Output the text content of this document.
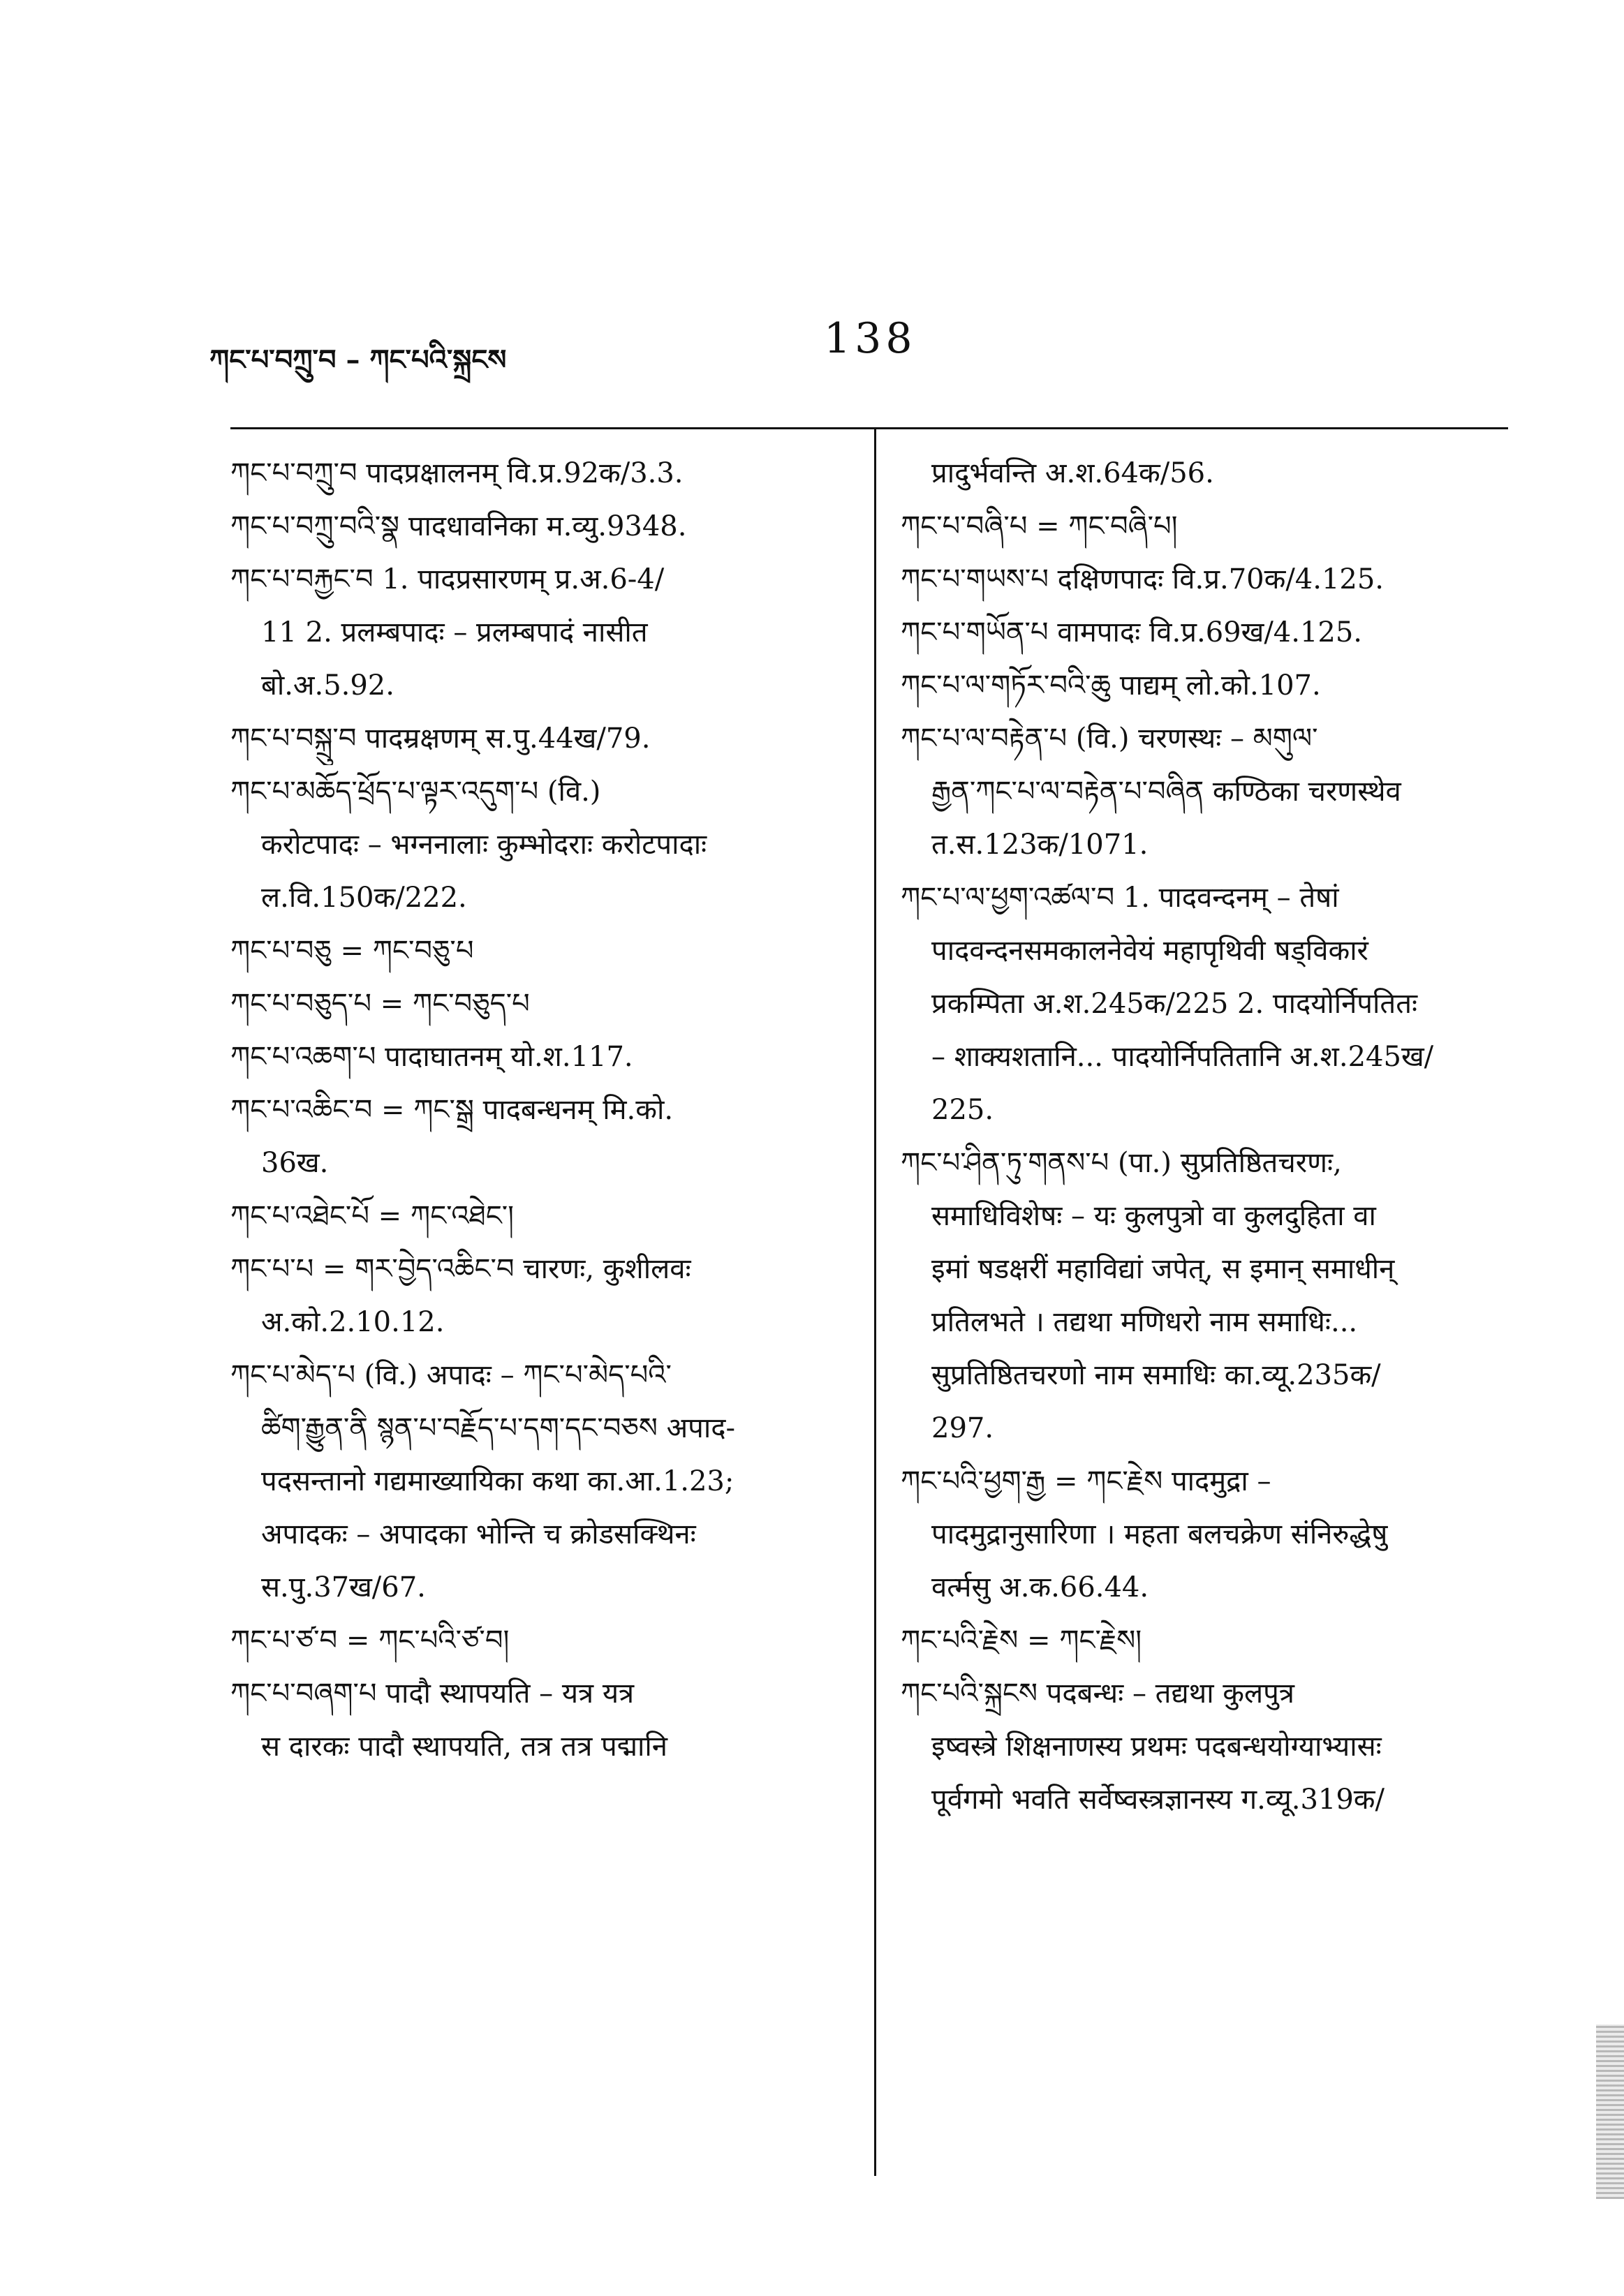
ཀང་པ་བཀྲུ་བ – ཀང་པའི་སྐྲངས	138
ཀང་པ་བཀྲུ་བ पादप्रक्षालनम् वि.प्र.92क/3.3.
ཀང་པ་བཀྲུ་བའི་སྣ पादधावनिका म.व्यु.9348.
ཀང་པ་བརྐྱང་བ 1. पादप्रसारणम् प्र.अ.6-4/
11 2. प्रलम्बपादः – प्रलम्बपादं नासीत
बो.अ.5.92.
ཀང་པ་བསྐྲུ་བ पादम्रक्षणम् स.पु.44ख/79.
ཀང་པ་མཆོད་ཕྲོད་པ་ལྟར་འདུག་པ (वि.)
करोटपादः – भग्ननालाः कुम्भोदराः करोटपादाः
ल.वि.150क/222.
ཀང་པ་བཅུ = ཀང་བཅུ་པ
ཀང་པ་བཅུད་པ = ཀང་བཅུད་པ
ཀང་པ་འཆག་པ पादाघातनम् यो.श.117.
ཀང་པ་འཆིང་བ = ཀང་སྒྲ पादबन्धनम् मि.को.
36ख.
ཀང་པ་འཐེང་པོ = ཀང་འཐེང་།
ཀང་པ་པ = གར་བྱེད་འཆིང་བ चारणः, कुशीलवः
अ.को.2.10.12.
ཀང་པ་མེད་པ (वि.) अपादः – ཀང་པ་མེད་པའི་
ཚིག་རྒྱུན་ནི སྙན་པ་བརྗོད་པ་དག་དང་བཅས अपाद-
पदसन्तानो गद्यमाख्यायिका कथा का.आ.1.23;
अपादकः – अपादका भोन्ति च क्रोडसक्थिनः
स.पु.37ख/67.
ཀང་པ་ཙ་བ = ཀང་པའི་ཙ་བ།
ཀང་པ་བཞག་པ पादौ स्थापयति – यत्र यत्र
स दारकः पादौ स्थापयति, तत्र तत्र पद्मानि
प्रादुर्भवन्ति अ.श.64क/56.
ཀང་པ་བཞི་པ = ཀང་བཞི་པ།
ཀང་པ་གཡས་པ दक्षिणपादः वि.प्र.70क/4.125.
ཀང་པ་གཡོན་པ वामपादः वि.प्र.69ख/4.125.
ཀང་པ་ལ་གཏོར་བའི་ཆུ पाद्यम् लो.को.107.
ཀང་པ་ལ་བརྟེན་པ (वि.) चरणस्थः – མགུལ་
རྒྱན་ཀང་པ་ལ་བརྟེན་པ་བཞིན कण्ठिका चरणस्थेव
त.स.123क/1071.
ཀང་པ་ལ་ཕྱག་འཚལ་བ 1. पादवन्दनम् – तेषां
पादवन्दनसमकालनेवेयं महापृथिवी षड्विकारं
प्रकम्पिता अ.श.245क/225 2. पादयोर्निपतितः
– शाक्यशतानि... पादयोर्निपतितानि अ.श.245ख/
225.
ཀང་པ་ཤིན་ཏུ་གནས་པ (पा.) सुप्रतिष्ठितचरणः,
समाधिविशेषः – यः कुलपुत्रो वा कुलदुहिता वा
इमां षडक्षरीं महाविद्यां जपेत्, स इमान् समाधीन्
प्रतिलभते । तद्यथा मणिधरो नाम समाधिः...
सुप्रतिष्ठितचरणो नाम समाधिः का.व्यू.235क/
297.
ཀང་པའི་ཕྱག་རྒྱ = ཀང་རྗེས पादमुद्रा –
पादमुद्रानुसारिणा । महता बलचक्रेण संनिरुद्धेषु
वर्त्मसु अ.क.66.44.
ཀང་པའི་རྗེས = ཀང་རྗེས།
ཀང་པའི་སྐྲངས पदबन्धः – तद्यथा कुलपुत्र
इष्वस्त्रे शिक्षनाणस्य प्रथमः पदबन्धयोग्याभ्यासः
पूर्वगमो भवति सर्वेष्वस्त्रज्ञानस्य ग.व्यू.319क/
